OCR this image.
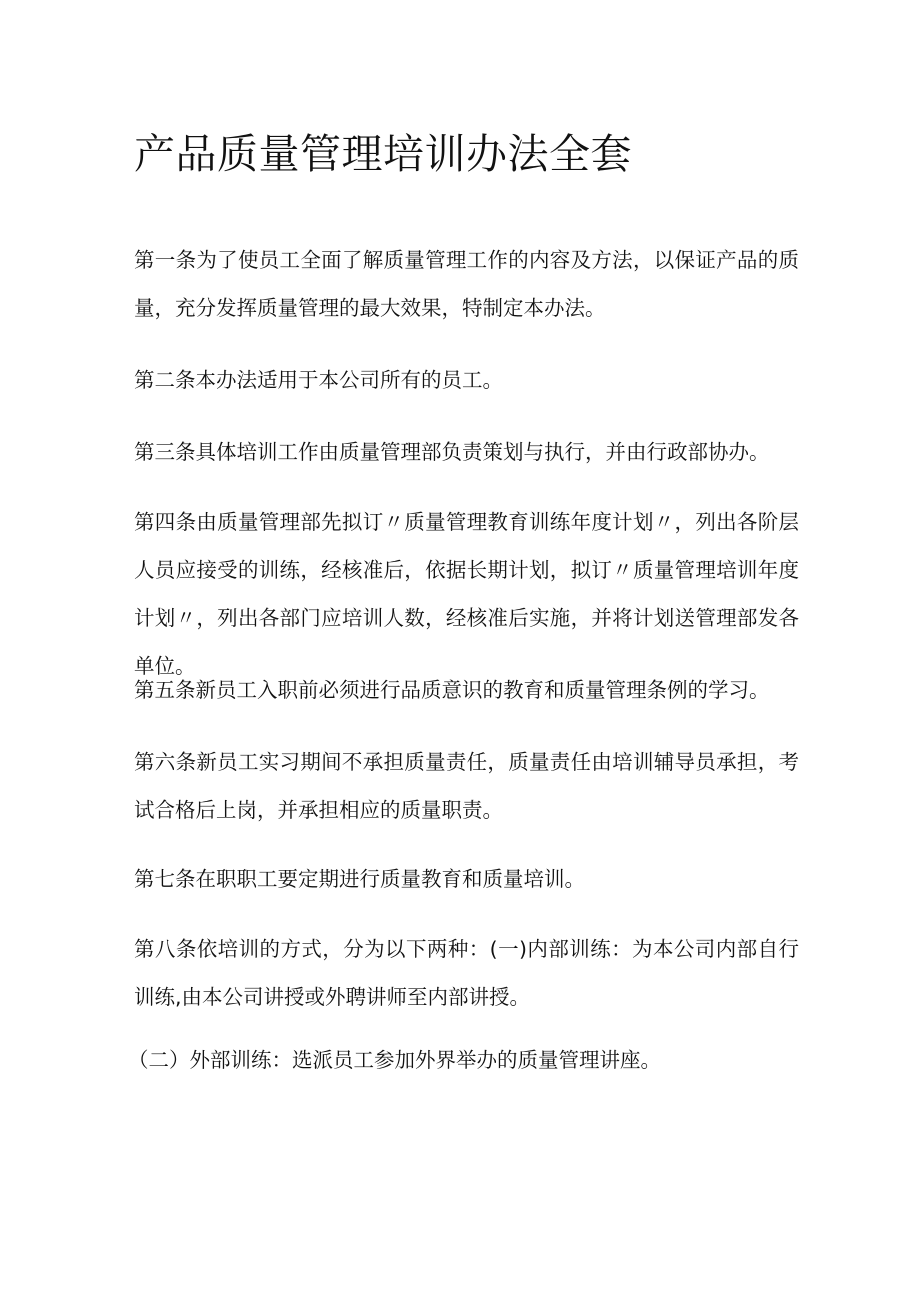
产品质量管理培训办法全套

第一条为了使员工全面了解质量管理工作的内容及方法，以保证产品的质量，充分发挥质量管理的最大效果，特制定本办法。

第二条本办法适用于本公司所有的员工。

第三条具体培训工作由质量管理部负责策划与执行，并由行政部协办。

第四条由质量管理部先拟订〃质量管理教育训练年度计划〃，列出各阶层人员应接受的训练，经核准后，依据长期计划，拟订〃质量管理培训年度计划〃，列出各部门应培训人数，经核准后实施，并将计划送管理部发各单位。

第五条新员工入职前必须进行品质意识的教育和质量管理条例的学习。

第六条新员工实习期间不承担质量责任，质量责任由培训辅导员承担，考试合格后上岗，并承担相应的质量职责。

第七条在职职工要定期进行质量教育和质量培训。

第八条依培训的方式，分为以下两种：(一)内部训练：为本公司内部自行训练,由本公司讲授或外聘讲师至内部讲授。

（二）外部训练：选派员工参加外界举办的质量管理讲座。
